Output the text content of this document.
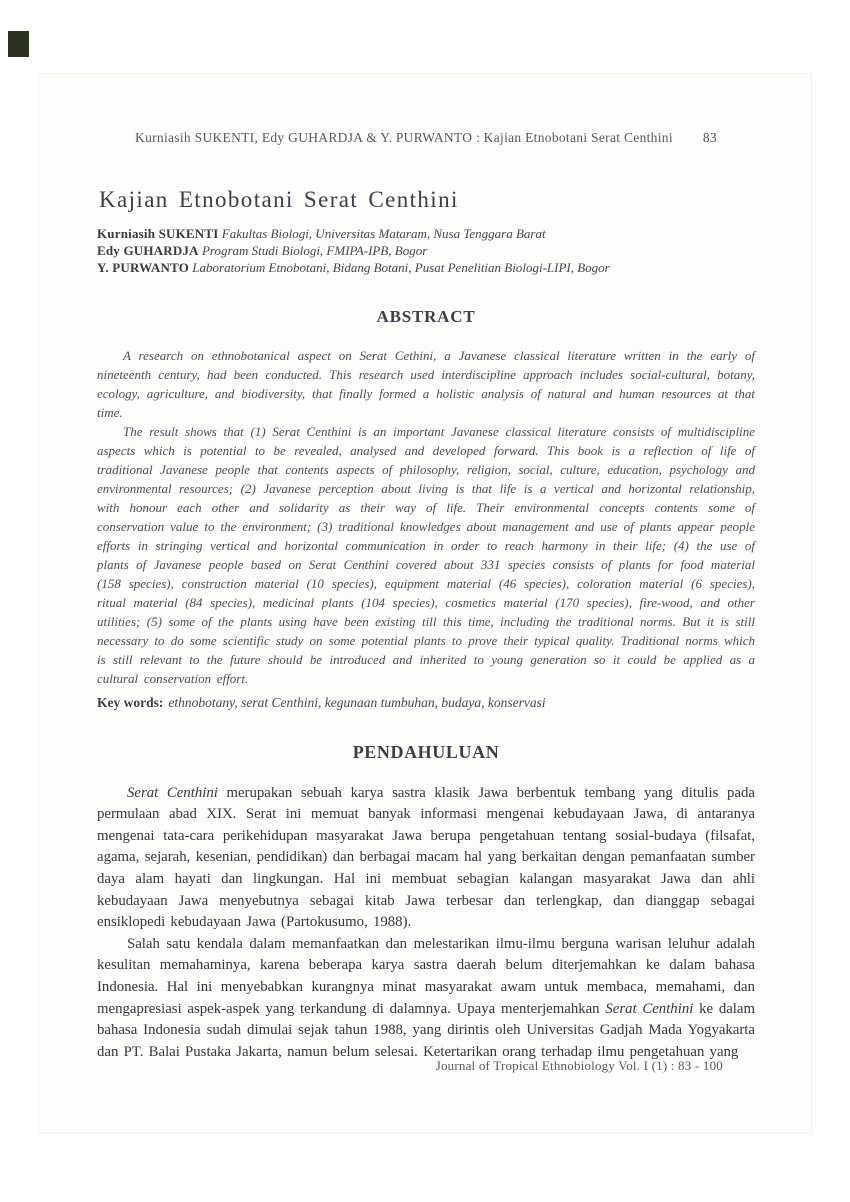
Kurniasih SUKENTI, Edy GUHARDJA & Y. PURWANTO : Kajian Etnobotani Serat Centhini 83
Kajian Etnobotani Serat Centhini
Kurniasih SUKENTI Fakultas Biologi, Universitas Mataram, Nusa Tenggara Barat
Edy GUHARDJA Program Studi Biologi, FMIPA-IPB, Bogor
Y. PURWANTO Laboratorium Etnobotani, Bidang Botani, Pusat Penelitian Biologi-LIPI, Bogor
ABSTRACT

A research on ethnobotanical aspect on Serat Cethini, a Javanese classical literature written in the early of nineteenth century, had been conducted. This research used interdiscipline approach includes social-cultural, botany, ecology, agriculture, and biodiversity, that finally formed a holistic analysis of natural and human resources at that time.

The result shows that (1) Serat Centhini is an important Javanese classical literature consists of multidiscipline aspects which is potential to be revealed, analysed and developed forward. This book is a reflection of life of traditional Javanese people that contents aspects of philosophy, religion, social, culture, education, psychology and environmental resources; (2) Javanese perception about living is that life is a vertical and horizontal relationship, with honour each other and solidarity as their way of life. Their environmental concepts contents some of conservation value to the environment; (3) traditional knowledges about management and use of plants appear people efforts in stringing vertical and horizontal communication in order to reach harmony in their life; (4) the use of plants of Javanese people based on Serat Centhini covered about 331 species consists of plants for food material (158 species), construction material (10 species), equipment material (46 species), coloration material (6 species), ritual material (84 species), medicinal plants (104 species), cosmetics material (170 species), fire-wood, and other utilities; (5) some of the plants using have been existing till this time, including the traditional norms. But it is still necessary to do some scientific study on some potential plants to prove their typical quality. Traditional norms which is still relevant to the future should be introduced and inherited to young generation so it could be applied as a cultural conservation effort.

Key words: ethnobotany, serat Centhini, kegunaan tumbuhan, budaya, konservasi

PENDAHULUAN

Serat Centhini merupakan sebuah karya sastra klasik Jawa berbentuk tembang yang ditulis pada permulaan abad XIX. Serat ini memuat banyak informasi mengenai kebudayaan Jawa, di antaranya mengenai tata-cara perikehidupan masyarakat Jawa berupa pengetahuan tentang sosial-budaya (filsafat, agama, sejarah, kesenian, pendidikan) dan berbagai macam hal yang berkaitan dengan pemanfaatan sumber daya alam hayati dan lingkungan. Hal ini membuat sebagian kalangan masyarakat Jawa dan ahli kebudayaan Jawa menyebutnya sebagai kitab Jawa terbesar dan terlengkap, dan dianggap sebagai ensiklopedi kebudayaan Jawa (Partokusumo, 1988).

Salah satu kendala dalam memanfaatkan dan melestarikan ilmu-ilmu berguna warisan leluhur adalah kesulitan memahaminya, karena beberapa karya sastra daerah belum diterjemahkan ke dalam bahasa Indonesia. Hal ini menyebabkan kurangnya minat masyarakat awam untuk membaca, memahami, dan mengapresiasi aspek-aspek yang terkandung di dalamnya. Upaya menterjemahkan Serat Centhini ke dalam bahasa Indonesia sudah dimulai sejak tahun 1988, yang dirintis oleh Universitas Gadjah Mada Yogyakarta dan PT. Balai Pustaka Jakarta, namun belum selesai. Ketertarikan orang terhadap ilmu pengetahuan yang

Journal of Tropical Ethnobiology Vol. I (1) : 83 - 100
